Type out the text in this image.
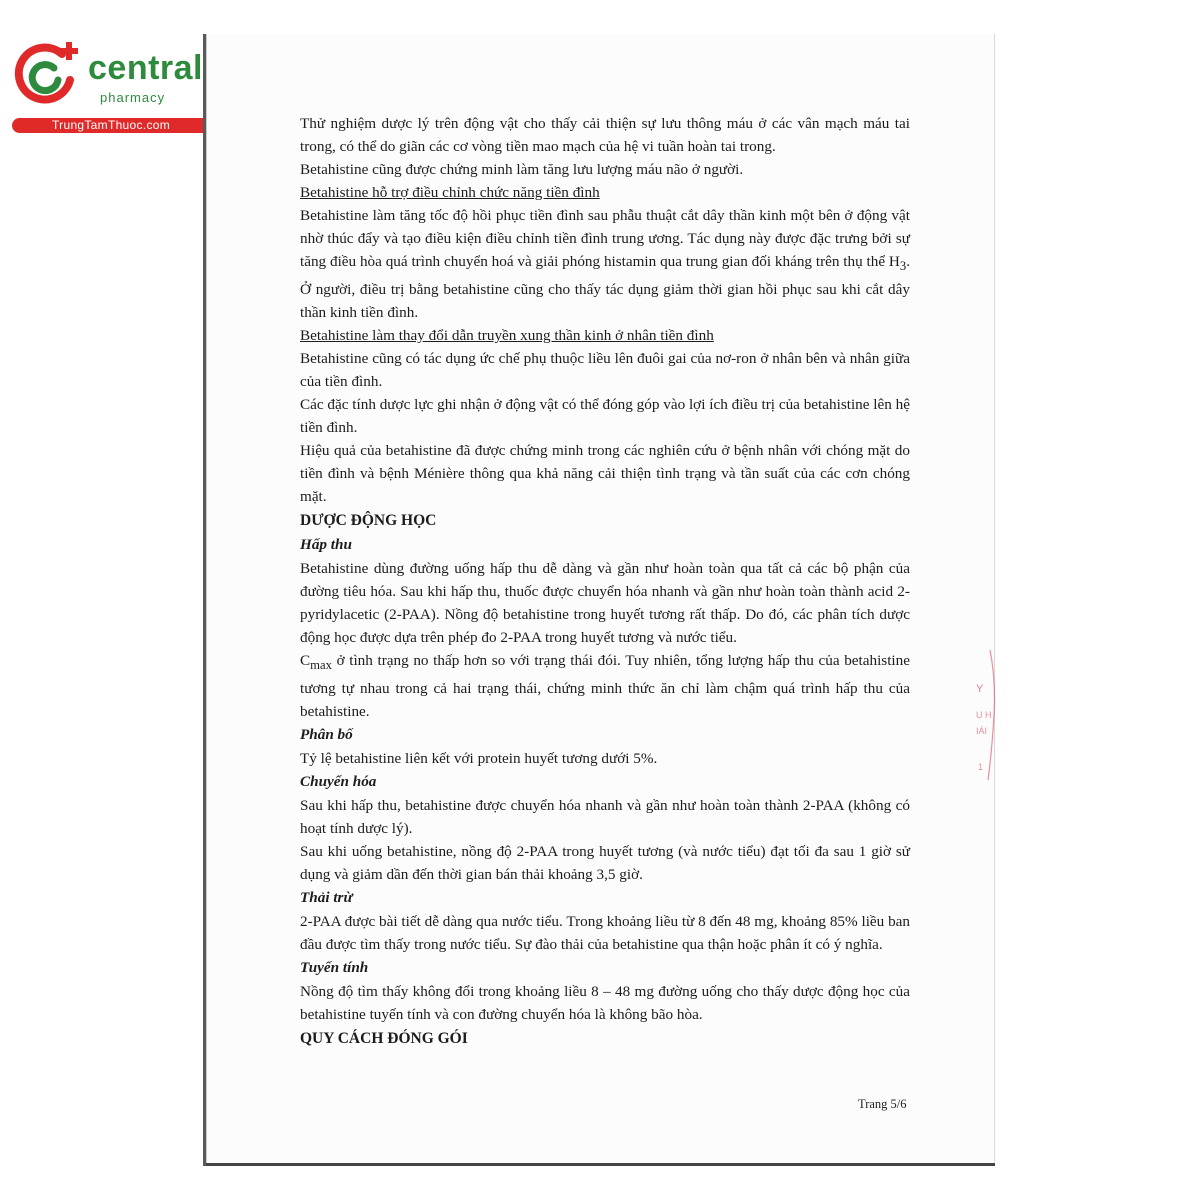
central
pharmacy
TrungTamThuoc.com
Y
U H
IÁI
1

Thử nghiệm dược lý trên động vật cho thấy cải thiện sự lưu thông máu ở các vân mạch máu tai trong, có thể do giãn các cơ vòng tiền mao mạch của hệ vi tuần hoàn tai trong.

Betahistine cũng được chứng minh làm tăng lưu lượng máu não ở người.

Betahistine hỗ trợ điều chỉnh chức năng tiền đình

Betahistine làm tăng tốc độ hồi phục tiền đình sau phẫu thuật cắt dây thần kinh một bên ở động vật nhờ thúc đẩy và tạo điều kiện điều chỉnh tiền đình trung ương. Tác dụng này được đặc trưng bởi sự tăng điều hòa quá trình chuyển hoá và giải phóng histamin qua trung gian đối kháng trên thụ thể $H_3$. Ở người, điều trị bằng betahistine cũng cho thấy tác dụng giảm thời gian hồi phục sau khi cắt dây thần kinh tiền đình.

Betahistine làm thay đổi dẫn truyền xung thần kinh ở nhân tiền đình

Betahistine cũng có tác dụng ức chế phụ thuộc liều lên đuôi gai của nơ-ron ở nhân bên và nhân giữa của tiền đình.

Các đặc tính dược lực ghi nhận ở động vật có thể đóng góp vào lợi ích điều trị của betahistine lên hệ tiền đình.

Hiệu quả của betahistine đã được chứng minh trong các nghiên cứu ở bệnh nhân với chóng mặt do tiền đình và bệnh Ménière thông qua khả năng cải thiện tình trạng và tần suất của các cơn chóng mặt.

DƯỢC ĐỘNG HỌC

Hấp thu

Betahistine dùng đường uống hấp thu dễ dàng và gần như hoàn toàn qua tất cả các bộ phận của đường tiêu hóa. Sau khi hấp thu, thuốc được chuyển hóa nhanh và gần như hoàn toàn thành acid 2-pyridylacetic (2-PAA). Nồng độ betahistine trong huyết tương rất thấp. Do đó, các phân tích dược động học được dựa trên phép đo 2-PAA trong huyết tương và nước tiểu.

$C_{max}$ ở tình trạng no thấp hơn so với trạng thái đói. Tuy nhiên, tổng lượng hấp thu của betahistine tương tự nhau trong cả hai trạng thái, chứng minh thức ăn chỉ làm chậm quá trình hấp thu của betahistine.

Phân bố

Tỷ lệ betahistine liên kết với protein huyết tương dưới 5%.

Chuyển hóa

Sau khi hấp thu, betahistine được chuyển hóa nhanh và gần như hoàn toàn thành 2-PAA (không có hoạt tính dược lý).

Sau khi uống betahistine, nồng độ 2-PAA trong huyết tương (và nước tiểu) đạt tối đa sau 1 giờ sử dụng và giảm dần đến thời gian bán thải khoảng 3,5 giờ.

Thải trừ

2-PAA được bài tiết dễ dàng qua nước tiểu. Trong khoảng liều từ 8 đến 48 mg, khoảng 85% liều ban đầu được tìm thấy trong nước tiểu. Sự đào thải của betahistine qua thận hoặc phân ít có ý nghĩa.

Tuyến tính

Nồng độ tìm thấy không đổi trong khoảng liều 8 – 48 mg đường uống cho thấy dược động học của betahistine tuyến tính và con đường chuyển hóa là không bão hòa.

QUY CÁCH ĐÓNG GÓI

Trang 5/6
